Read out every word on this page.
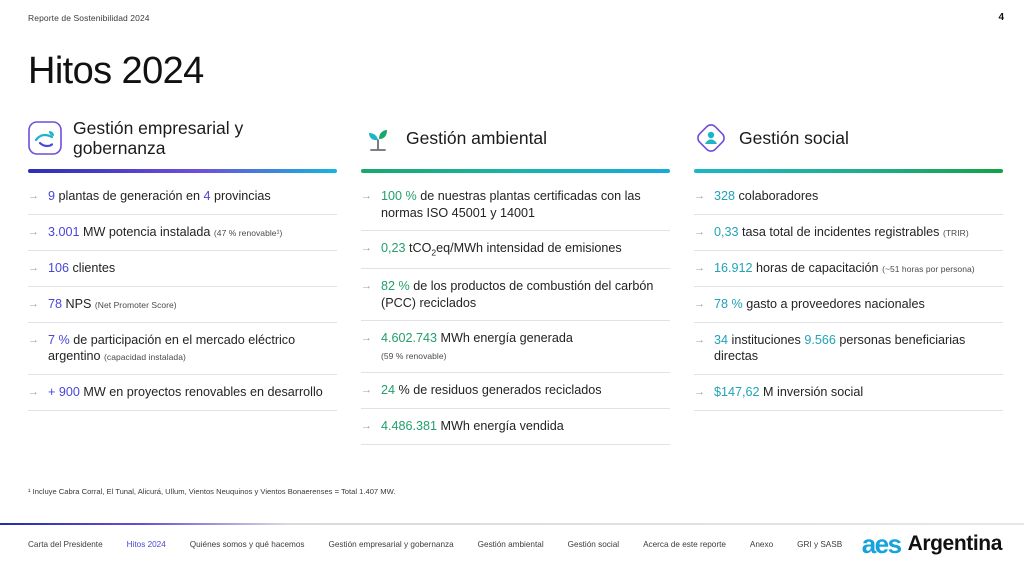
Reporte de Sostenibilidad 2024	4
Hitos 2024
Gestión empresarial y gobernanza
→ 9 plantas de generación en 4 provincias
→ 3.001 MW potencia instalada (47 % renovable¹)
→ 106 clientes
→ 78 NPS (Net Promoter Score)
→ 7 % de participación en el mercado eléctrico argentino (capacidad instalada)
→ + 900 MW en proyectos renovables en desarrollo
Gestión ambiental
→ 100 % de nuestras plantas certificadas con las normas ISO 45001 y 14001
→ 0,23 tCO$_2$eq/MWh intensidad de emisiones
→ 82 % de los productos de combustión del carbón (PCC) reciclados
→ 4.602.743 MWh energía generada
(59 % renovable)
→ 24 % de residuos generados reciclados
→ 4.486.381 MWh energía vendida
Gestión social
→ 328 colaboradores
→ 0,33 tasa total de incidentes registrables (TRIR)
→ 16.912 horas de capacitación (~51 horas por persona)
→ 78 % gasto a proveedores nacionales
→ 34 instituciones 9.566 personas beneficiarias directas
→ $147,62 M inversión social
¹ Incluye Cabra Corral, El Tunal, Alicurá, Ullum, Vientos Neuquinos y Vientos Bonaerenses = Total 1.407 MW.
Carta del Presidente	Hitos 2024	Quiénes somos y qué hacemos	Gestión empresarial y gobernanza	Gestión ambiental	Gestión social	Acerca de este reporte	Anexo	GRI y SASB aes Argentina
